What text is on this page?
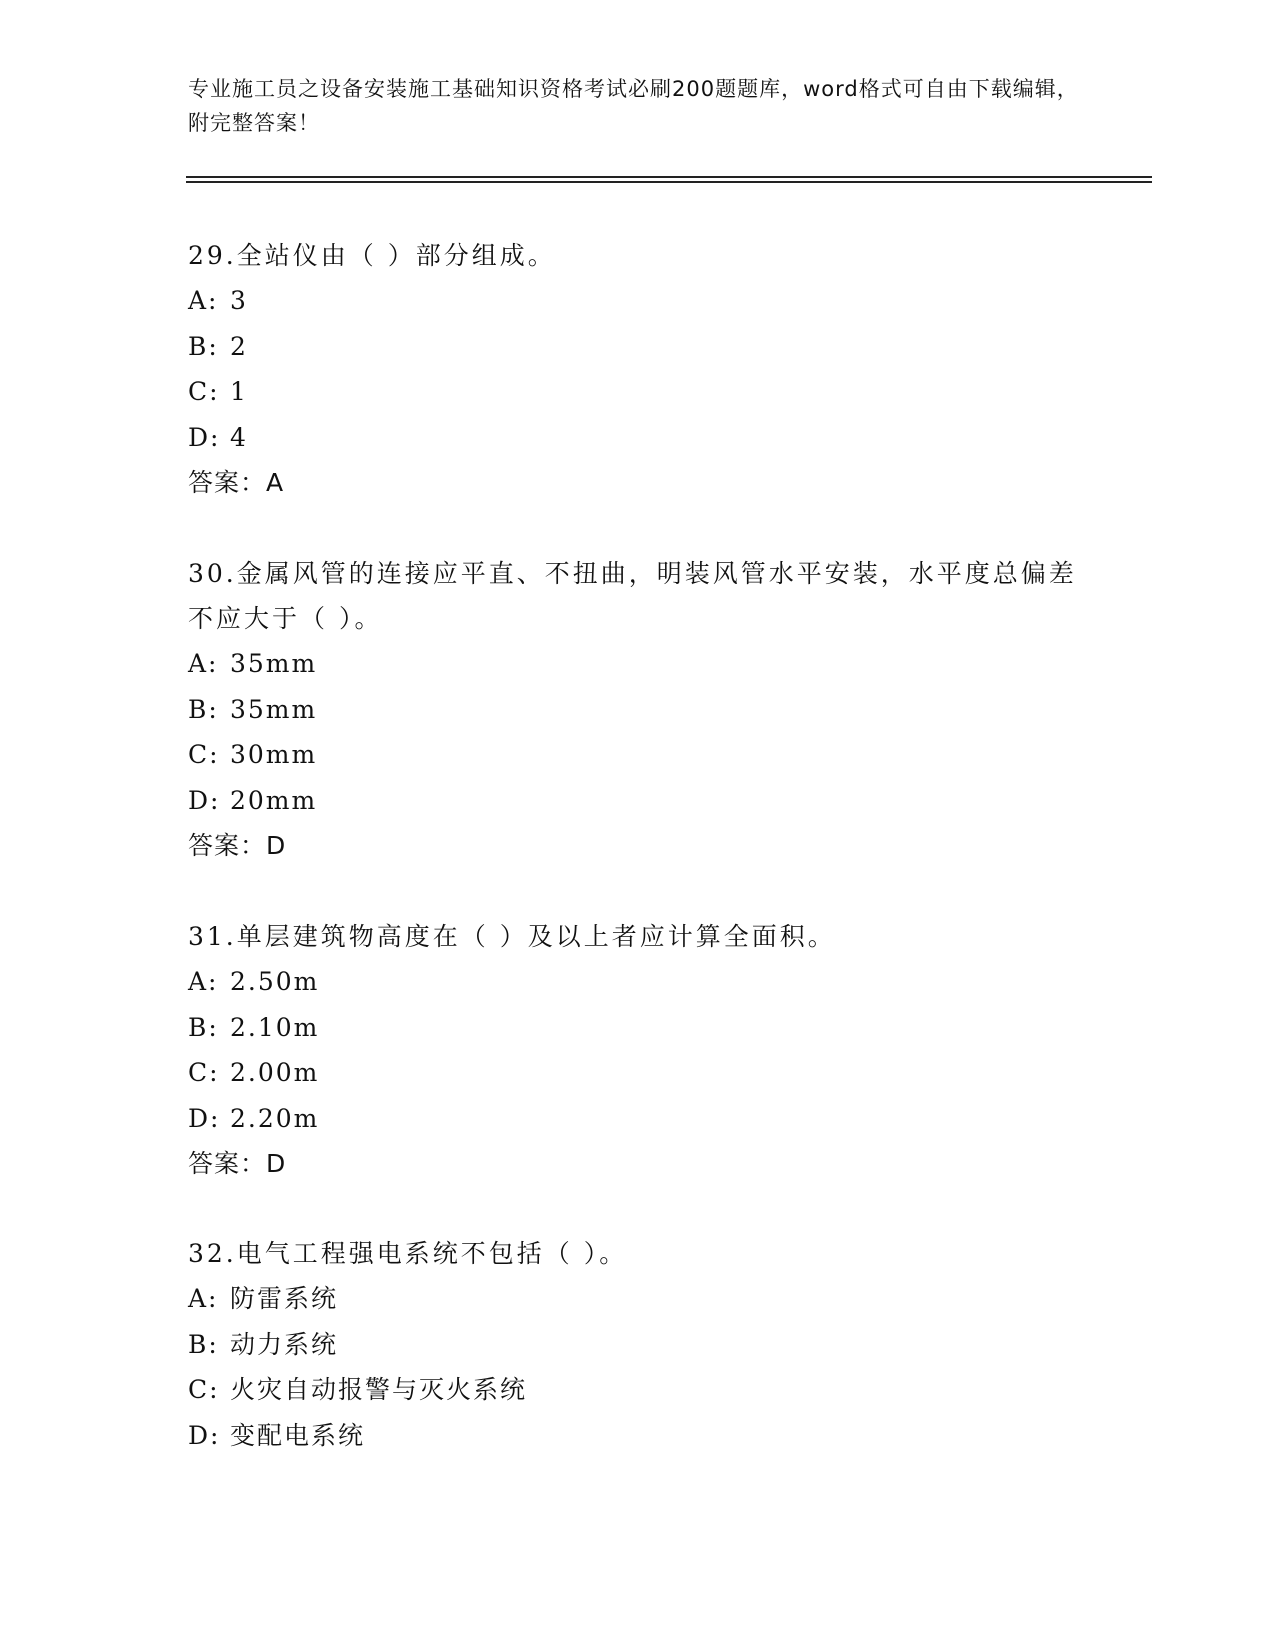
专业施工员之设备安装施工基础知识资格考试必刷200题题库，word格式可自由下载编辑，附完整答案！

29.全站仪由（ ）部分组成。

A: 3

B: 2

C: 1

D: 4

答案：A

30.金属风管的连接应平直、不扭曲，明装风管水平安装，水平度总偏差不应大于（ ）。

A: 35mm

B: 35mm

C: 30mm

D: 20mm

答案：D

31.单层建筑物高度在（ ）及以上者应计算全面积。

A: 2.50m

B: 2.10m

C: 2.00m

D: 2.20m

答案：D

32.电气工程强电系统不包括（ ）。

A: 防雷系统

B: 动力系统

C: 火灾自动报警与灭火系统

D: 变配电系统
